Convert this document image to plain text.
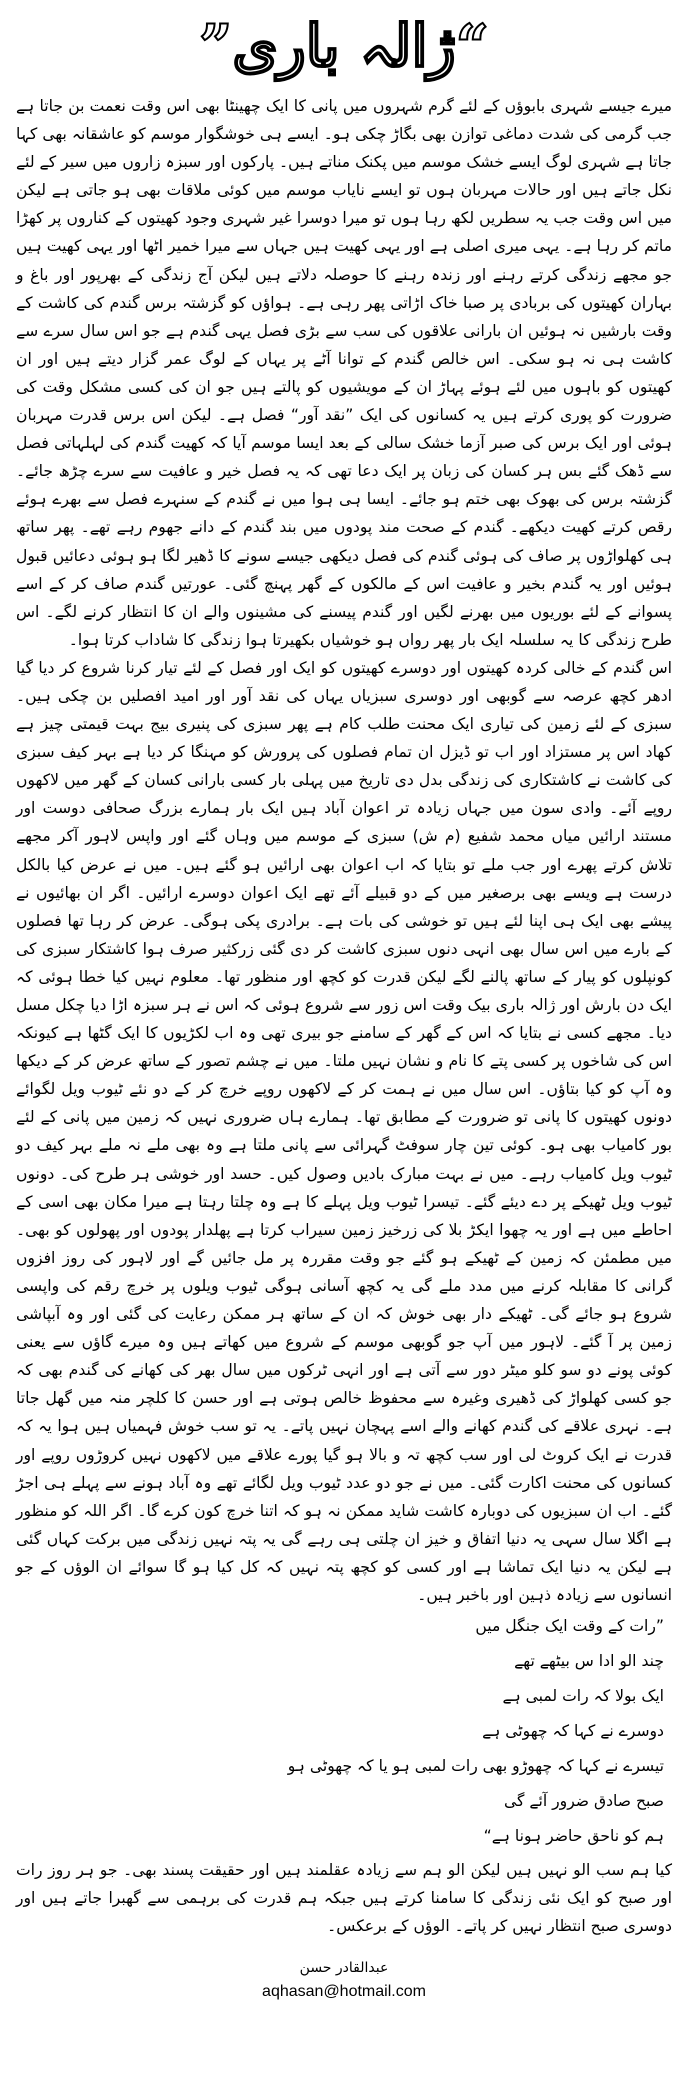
“ژالہ باری”

میرے جیسے شہری بابوؤں کے لئے گرم شہروں میں پانی کا ایک چھینٹا بھی اس وقت نعمت بن جاتا ہے جب گرمی کی شدت دماغی توازن بھی بگاڑ چکی ہو۔ ایسے ہی خوشگوار موسم کو عاشقانہ بھی کہا جاتا ہے شہری لوگ ایسے خشک موسم میں پکنک مناتے ہیں۔ پارکوں اور سبزہ زاروں میں سیر کے لئے نکل جاتے ہیں اور حالات مہربان ہوں تو ایسے نایاب موسم میں کوئی ملاقات بھی ہو جاتی ہے لیکن میں اس وقت جب یہ سطریں لکھ رہا ہوں تو میرا دوسرا غیر شہری وجود کھیتوں کے کناروں پر کھڑا ماتم کر رہا ہے۔ یہی میری اصلی ہے اور یہی کھیت ہیں جہاں سے میرا خمیر اٹھا اور یہی کھیت ہیں جو مجھے زندگی کرتے رہنے اور زندہ رہنے کا حوصلہ دلاتے ہیں لیکن آج زندگی کے بھرپور اور باغ و بہاران کھیتوں کی بربادی پر صبا خاک اڑاتی پھر رہی ہے۔ ہواؤں کو گزشتہ برس گندم کی کاشت کے وقت بارشیں نہ ہوئیں ان بارانی علاقوں کی سب سے بڑی فصل یہی گندم ہے جو اس سال سرے سے کاشت ہی نہ ہو سکی۔ اس خالص گندم کے توانا آٹے پر یہاں کے لوگ عمر گزار دیتے ہیں اور ان کھیتوں کو باہوں میں لئے ہوئے پہاڑ ان کے مویشیوں کو پالتے ہیں جو ان کی کسی مشکل وقت کی ضرورت کو پوری کرتے ہیں یہ کسانوں کی ایک ”نقد آور“ فصل ہے۔ لیکن اس برس قدرت مہربان ہوئی اور ایک برس کی صبر آزما خشک سالی کے بعد ایسا موسم آیا کہ کھیت گندم کی لہلہاتی فصل سے ڈھک گئے بس ہر کسان کی زبان پر ایک دعا تھی کہ یہ فصل خیر و عافیت سے سرے چڑھ جائے۔ گزشتہ برس کی بھوک بھی ختم ہو جائے۔ ایسا ہی ہوا میں نے گندم کے سنہرے فصل سے بھرے ہوئے رقص کرتے کھیت دیکھے۔ گندم کے صحت مند پودوں میں بند گندم کے دانے جھوم رہے تھے۔ پھر ساتھ ہی کھلواڑوں پر صاف کی ہوئی گندم کی فصل دیکھی جیسے سونے کا ڈھیر لگا ہو ہوئی دعائیں قبول ہوئیں اور یہ گندم بخیر و عافیت اس کے مالکوں کے گھر پہنچ گئی۔ عورتیں گندم صاف کر کے اسے پسوانے کے لئے بوریوں میں بھرنے لگیں اور گندم پیسنے کی مشینوں والے ان کا انتظار کرنے لگے۔ اس طرح زندگی کا یہ سلسلہ ایک بار پھر رواں ہو خوشیاں بکھیرتا ہوا زندگی کا شاداب کرتا ہوا۔

اس گندم کے خالی کردہ کھیتوں اور دوسرے کھیتوں کو ایک اور فصل کے لئے تیار کرنا شروع کر دیا گیا ادھر کچھ عرصہ سے گوبھی اور دوسری سبزیاں یہاں کی نقد آور اور امید افصلیں بن چکی ہیں۔ سبزی کے لئے زمین کی تیاری ایک محنت طلب کام ہے پھر سبزی کی پنیری بیج بہت قیمتی چیز ہے کھاد اس پر مستزاد اور اب تو ڈیزل ان تمام فصلوں کی پرورش کو مہنگا کر دیا ہے بہر کیف سبزی کی کاشت نے کاشتکاری کی زندگی بدل دی تاریخ میں پہلی بار کسی بارانی کسان کے گھر میں لاکھوں روپے آئے۔ وادی سون میں جہاں زیادہ تر اعوان آباد ہیں ایک بار ہمارے بزرگ صحافی دوست اور مستند ارائیں میاں محمد شفیع (م ش) سبزی کے موسم میں وہاں گئے اور واپس لاہور آکر مجھے تلاش کرتے پھرے اور جب ملے تو بتایا کہ اب اعوان بھی ارائیں ہو گئے ہیں۔ میں نے عرض کیا بالکل درست ہے ویسے بھی برصغیر میں کے دو قبیلے آئے تھے ایک اعوان دوسرے ارائیں۔ اگر ان بھائیوں نے پیشے بھی ایک ہی اپنا لئے ہیں تو خوشی کی بات ہے۔ برادری پکی ہوگی۔ عرض کر رہا تھا فصلوں کے بارے میں اس سال بھی انہی دنوں سبزی کاشت کر دی گئی زرکثیر صرف ہوا کاشتکار سبزی کی کونپلوں کو پیار کے ساتھ پالنے لگے لیکن قدرت کو کچھ اور منظور تھا۔ معلوم نہیں کیا خطا ہوئی کہ ایک دن بارش اور ژالہ باری بیک وقت اس زور سے شروع ہوئی کہ اس نے ہر سبزہ اڑا دیا چکل مسل دیا۔ مجھے کسی نے بتایا کہ اس کے گھر کے سامنے جو بیری تھی وہ اب لکڑیوں کا ایک گٹھا ہے کیونکہ اس کی شاخوں پر کسی پتے کا نام و نشان نہیں ملتا۔ میں نے چشم تصور کے ساتھ عرض کر کے دیکھا وہ آپ کو کیا بتاؤں۔ اس سال میں نے ہمت کر کے لاکھوں روپے خرچ کر کے دو نئے ٹیوب ویل لگوائے دونوں کھیتوں کا پانی تو ضرورت کے مطابق تھا۔ ہمارے ہاں ضروری نہیں کہ زمین میں پانی کے لئے بور کامیاب بھی ہو۔ کوئی تین چار سوفٹ گہرائی سے پانی ملتا ہے وہ بھی ملے نہ ملے بہر کیف دو ٹیوب ویل کامیاب رہے۔ میں نے بہت مبارک بادیں وصول کیں۔ حسد اور خوشی ہر طرح کی۔ دونوں ٹیوب ویل ٹھیکے پر دے دیئے گئے۔ تیسرا ٹیوب ویل پہلے کا ہے وہ چلتا رہتا ہے میرا مکان بھی اسی کے احاطے میں ہے اور یہ چھوا ایکڑ بلا کی زرخیز زمین سیراب کرتا ہے پھلدار پودوں اور پھولوں کو بھی۔ میں مطمئن کہ زمین کے ٹھیکے ہو گئے جو وقت مقررہ پر مل جائیں گے اور لاہور کی روز افزوں گرانی کا مقابلہ کرنے میں مدد ملے گی یہ کچھ آسانی ہوگی ٹیوب ویلوں پر خرچ رقم کی واپسی شروع ہو جائے گی۔ ٹھیکے دار بھی خوش کہ ان کے ساتھ ہر ممکن رعایت کی گئی اور وہ آبپاشی زمین پر آ گئے۔ لاہور میں آپ جو گوبھی موسم کے شروع میں کھاتے ہیں وہ میرے گاؤں سے یعنی کوئی پونے دو سو کلو میٹر دور سے آتی ہے اور انہی ٹرکوں میں سال بھر کی کھانے کی گندم بھی کہ جو کسی کھلواڑ کی ڈھیری وغیرہ سے محفوظ خالص ہوتی ہے اور حسن کا کلچر منہ میں گھل جاتا ہے۔ نہری علاقے کی گندم کھانے والے اسے پہچان نہیں پاتے۔ یہ تو سب خوش فہمیاں ہیں ہوا یہ کہ قدرت نے ایک کروٹ لی اور سب کچھ تہ و بالا ہو گیا پورے علاقے میں لاکھوں نہیں کروڑوں روپے اور کسانوں کی محنت اکارت گئی۔ میں نے جو دو عدد ٹیوب ویل لگائے تھے وہ آباد ہونے سے پہلے ہی اجڑ گئے۔ اب ان سبزیوں کی دوبارہ کاشت شاید ممکن نہ ہو کہ اتنا خرچ کون کرے گا۔ اگر اللہ کو منظور ہے اگلا سال سہی یہ دنیا اتفاق و خیز ان چلتی ہی رہے گی یہ پتہ نہیں زندگی میں برکت کہاں گئی ہے لیکن یہ دنیا ایک تماشا ہے اور کسی کو کچھ پتہ نہیں کہ کل کیا ہو گا سوائے ان الوؤں کے جو انسانوں سے زیادہ ذہین اور باخبر ہیں۔

”رات کے وقت ایک جنگل میں
چند الو ادا س بیٹھے تھے
ایک بولا کہ رات لمبی ہے
دوسرے نے کہا کہ چھوٹی ہے
تیسرے نے کہا کہ چھوڑو بھی رات لمبی ہو یا کہ چھوٹی ہو
صبح صادق ضرور آئے گی
ہم کو ناحق حاضر ہونا ہے“

کیا ہم سب الو نہیں ہیں لیکن الو ہم سے زیادہ عقلمند ہیں اور حقیقت پسند بھی۔ جو ہر روز رات اور صبح کو ایک نئی زندگی کا سامنا کرتے ہیں جبکہ ہم قدرت کی برہمی سے گھبرا جاتے ہیں اور دوسری صبح انتظار نہیں کر پاتے۔ الوؤں کے برعکس۔

عبدالقادر حسن
aqhasan@hotmail.com
